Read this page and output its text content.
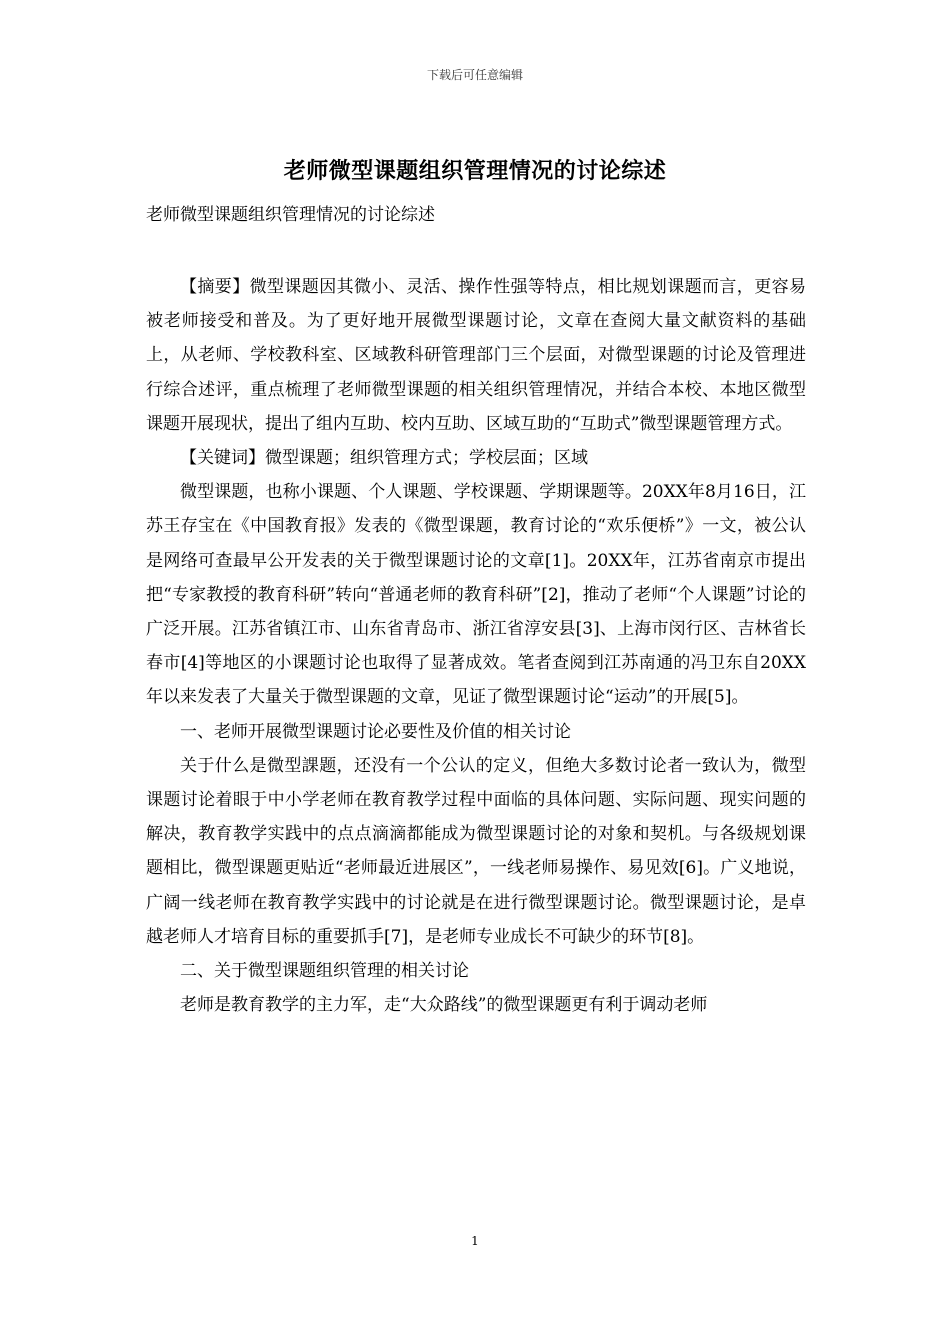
下载后可任意编辑
老师微型课题组织管理情况的讨论综述
老师微型课题组织管理情况的讨论综述

【摘要】微型课题因其微小、灵活、操作性强等特点，相比规划课题而言，更容易被老师接受和普及。为了更好地开展微型课题讨论，文章在查阅大量文献资料的基础上，从老师、学校教科室、区域教科研管理部门三个层面，对微型课题的讨论及管理进行综合述评，重点梳理了老师微型课题的相关组织管理情况，并结合本校、本地区微型课题开展现状，提出了组内互助、校内互助、区域互助的“互助式”微型课题管理方式。

【关键词】微型课题；组织管理方式；学校层面；区域

微型课题，也称小课题、个人课题、学校课题、学期课题等。20XX年8月16日，江苏王存宝在《中国教育报》发表的《微型课题，教育讨论的“欢乐便桥”》一文，被公认是网络可查最早公开发表的关于微型课题讨论的文章[1]。20XX年，江苏省南京市提出把“专家教授的教育科研”转向“普通老师的教育科研”[2]，推动了老师“个人课题”讨论的广泛开展。江苏省镇江市、山东省青岛市、浙江省淳安县[3]、上海市闵行区、吉林省长春市[4]等地区的小课题讨论也取得了显著成效。笔者查阅到江苏南通的冯卫东自20XX年以来发表了大量关于微型课题的文章，见证了微型课题讨论“运动”的开展[5]。

一、老师开展微型课题讨论必要性及价值的相关讨论

关于什么是微型課题，还没有一个公认的定义，但绝大多数讨论者一致认为，微型课题讨论着眼于中小学老师在教育教学过程中面临的具体问题、实际问题、现实问题的解决，教育教学实践中的点点滴滴都能成为微型课题讨论的对象和契机。与各级规划课题相比，微型课题更贴近“老师最近进展区”，一线老师易操作、易见效[6]。广义地说，广阔一线老师在教育教学实践中的讨论就是在进行微型课题讨论。微型课题讨论，是卓越老师人才培育目标的重要抓手[7]，是老师专业成长不可缺少的环节[8]。

二、关于微型课题组织管理的相关讨论

老师是教育教学的主力军，走“大众路线”的微型课题更有利于调动老师

1
